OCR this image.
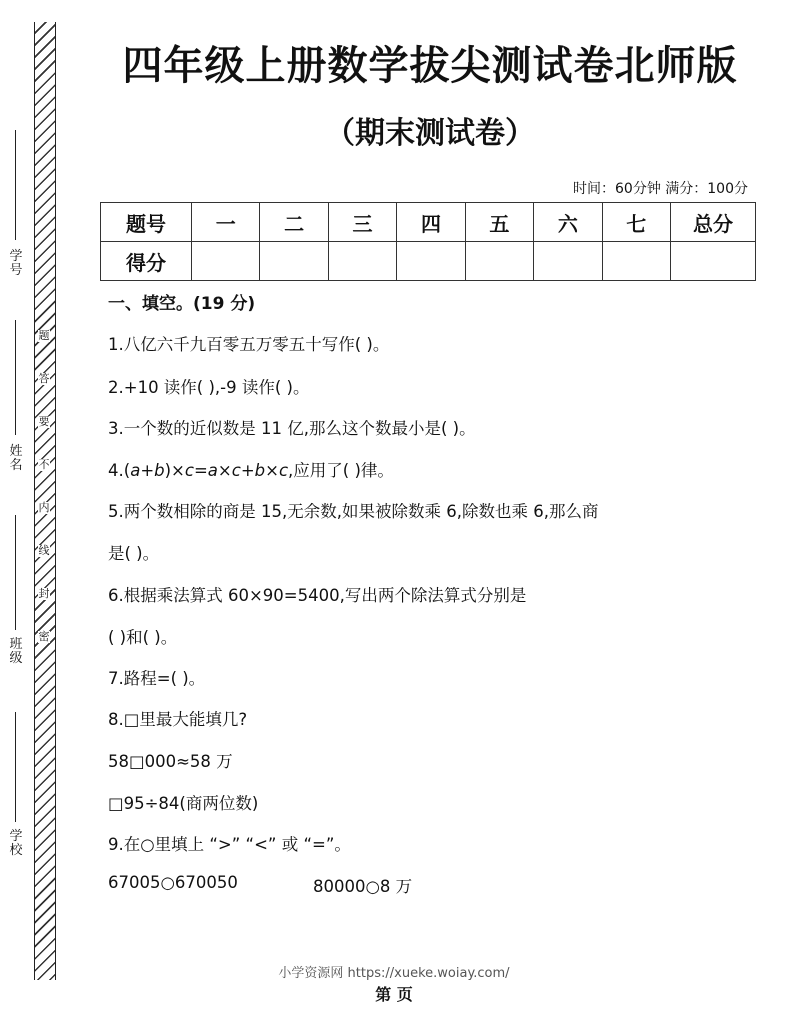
题
答
要
不
内
线
封
密
学号
姓名
班级
学校
四年级上册数学拔尖测试卷北师版
（期末测试卷）
时间：60分钟 满分：100分
题号	一	二	三	四	五	六	七	总分
得分								
一、填空。(19 分)
1.八亿六千九百零五万零五十写作( )。
2.+10 读作( ),-9 读作( )。
3.一个数的近似数是 11 亿,那么这个数最小是( )。
4.(a+b)×c=a×c+b×c,应用了( )律。
5.两个数相除的商是 15,无余数,如果被除数乘 6,除数也乘 6,那么商
是( )。
6.根据乘法算式 60×90=5400,写出两个除法算式分别是
( )和( )。
7.路程=( )。
8.□里最大能填几?
58□000≈58 万
□95÷84(商两位数)
9.在○里填上 “>” “<” 或 “=”。
67005○670050	80000○8 万
小学资源网 https://xueke.woiay.com/
第 页
